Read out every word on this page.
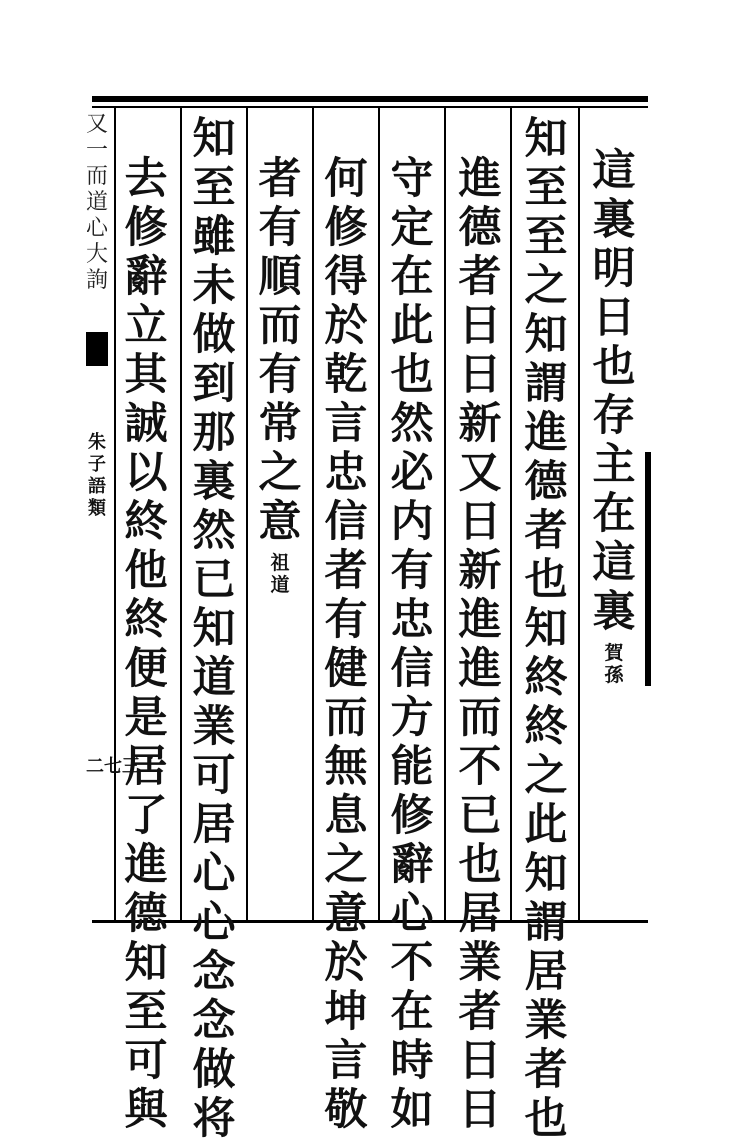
又
一
而
道
心
大
詢
朱
子
語
類
二七三
這
裏
明
日
也
存
主
在
這
裏
賀
孫
知
至
至
之
知
謂
進
德
者
也
知
終
終
之
此
知
謂
居
業
者
也
進
德
者
日
日
新
又
日
新
進
進
而
不
已
也
居
業
者
日
日
守
定
在
此
也
然
必
内
有
忠
信
方
能
修
辭
心
不
在
時
如
何
修
得
於
乾
言
忠
信
者
有
健
而
無
息
之
意
於
坤
言
敬
者
有
順
而
有
常
之
意
祖
道
知
至
雖
未
做
到
那
裏
然
已
知
道
業
可
居
心
心
念
念
做
将
去
修
辭
立
其
誠
以
終
他
終
便
是
居
了
進
德
知
至
可
與
